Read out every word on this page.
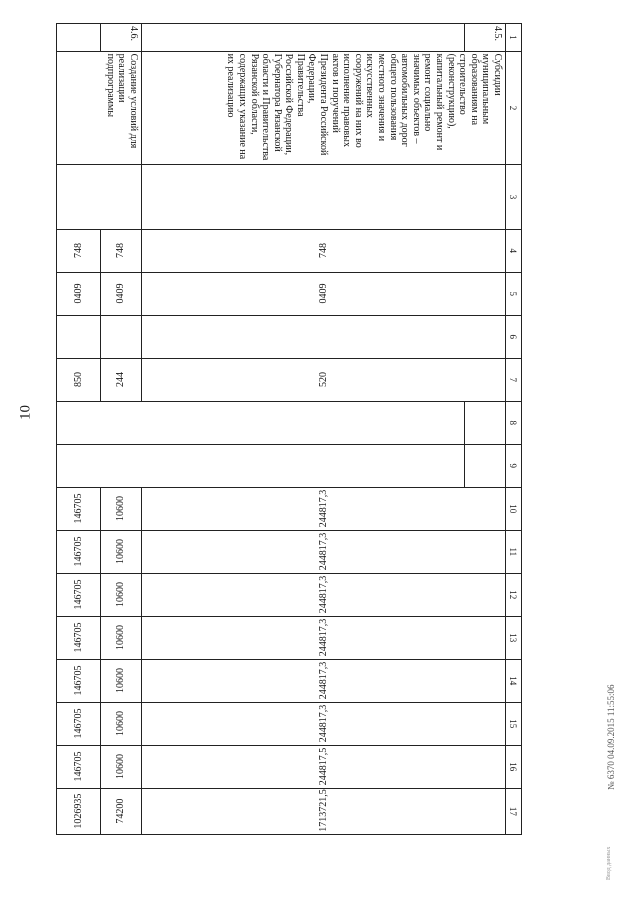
10
1	2	3	4	5	6	7	8	9	10	11	12	13	14	15	16	17
4.5.	Субсидии муниципальным образованиям на строительство (реконструкцию), капитальный ремонт и ремонт социально значимых объектов – автомобильных дорог общего пользования местного значения и искусственных сооружений на них во исполнение правовых актов и поручений Президента Российской Федерации, Правительства Российской Федерации, Губернатора Рязанской области и Правительства Рязанской области, содержащих указание на их реализацию		748	0409		520			244817,3	244817,3	244817,3	244817,3	244817,3	244817,3	244817,5	1713721,5

4.6.	Создание условий для реализации подпрограммы		748	0409		244			10600	10600	10600	10600	10600	10600	10600	74200
			748	0409		850			146705	146705	146705	146705	146705	146705	146705	1026935
№ 6370 04.09.2015 11:55:06
Ввод данных
